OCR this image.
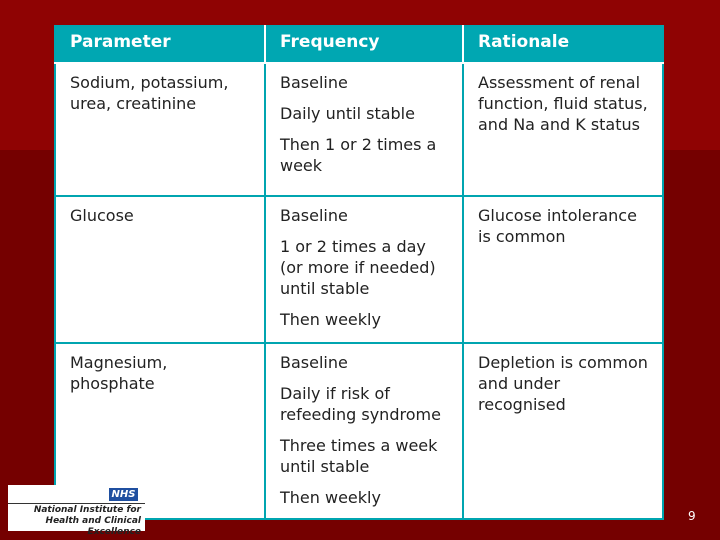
Parameter	Frequency	Rationale
Sodium, potassium, urea, creatinine	Baseline
Daily until stable
Then 1 or 2 times a week	Assessment of renal function, fluid status, and Na and K status
Glucose	Baseline
1 or 2 times a day (or more if needed) until stable
Then weekly	Glucose intolerance is common
Magnesium, phosphate	Baseline
Daily if risk of refeeding syndrome
Three times a week until stable
Then weekly	Depletion is common and under recognised
NHS
National Institute for
Health and Clinical Excellence
9
